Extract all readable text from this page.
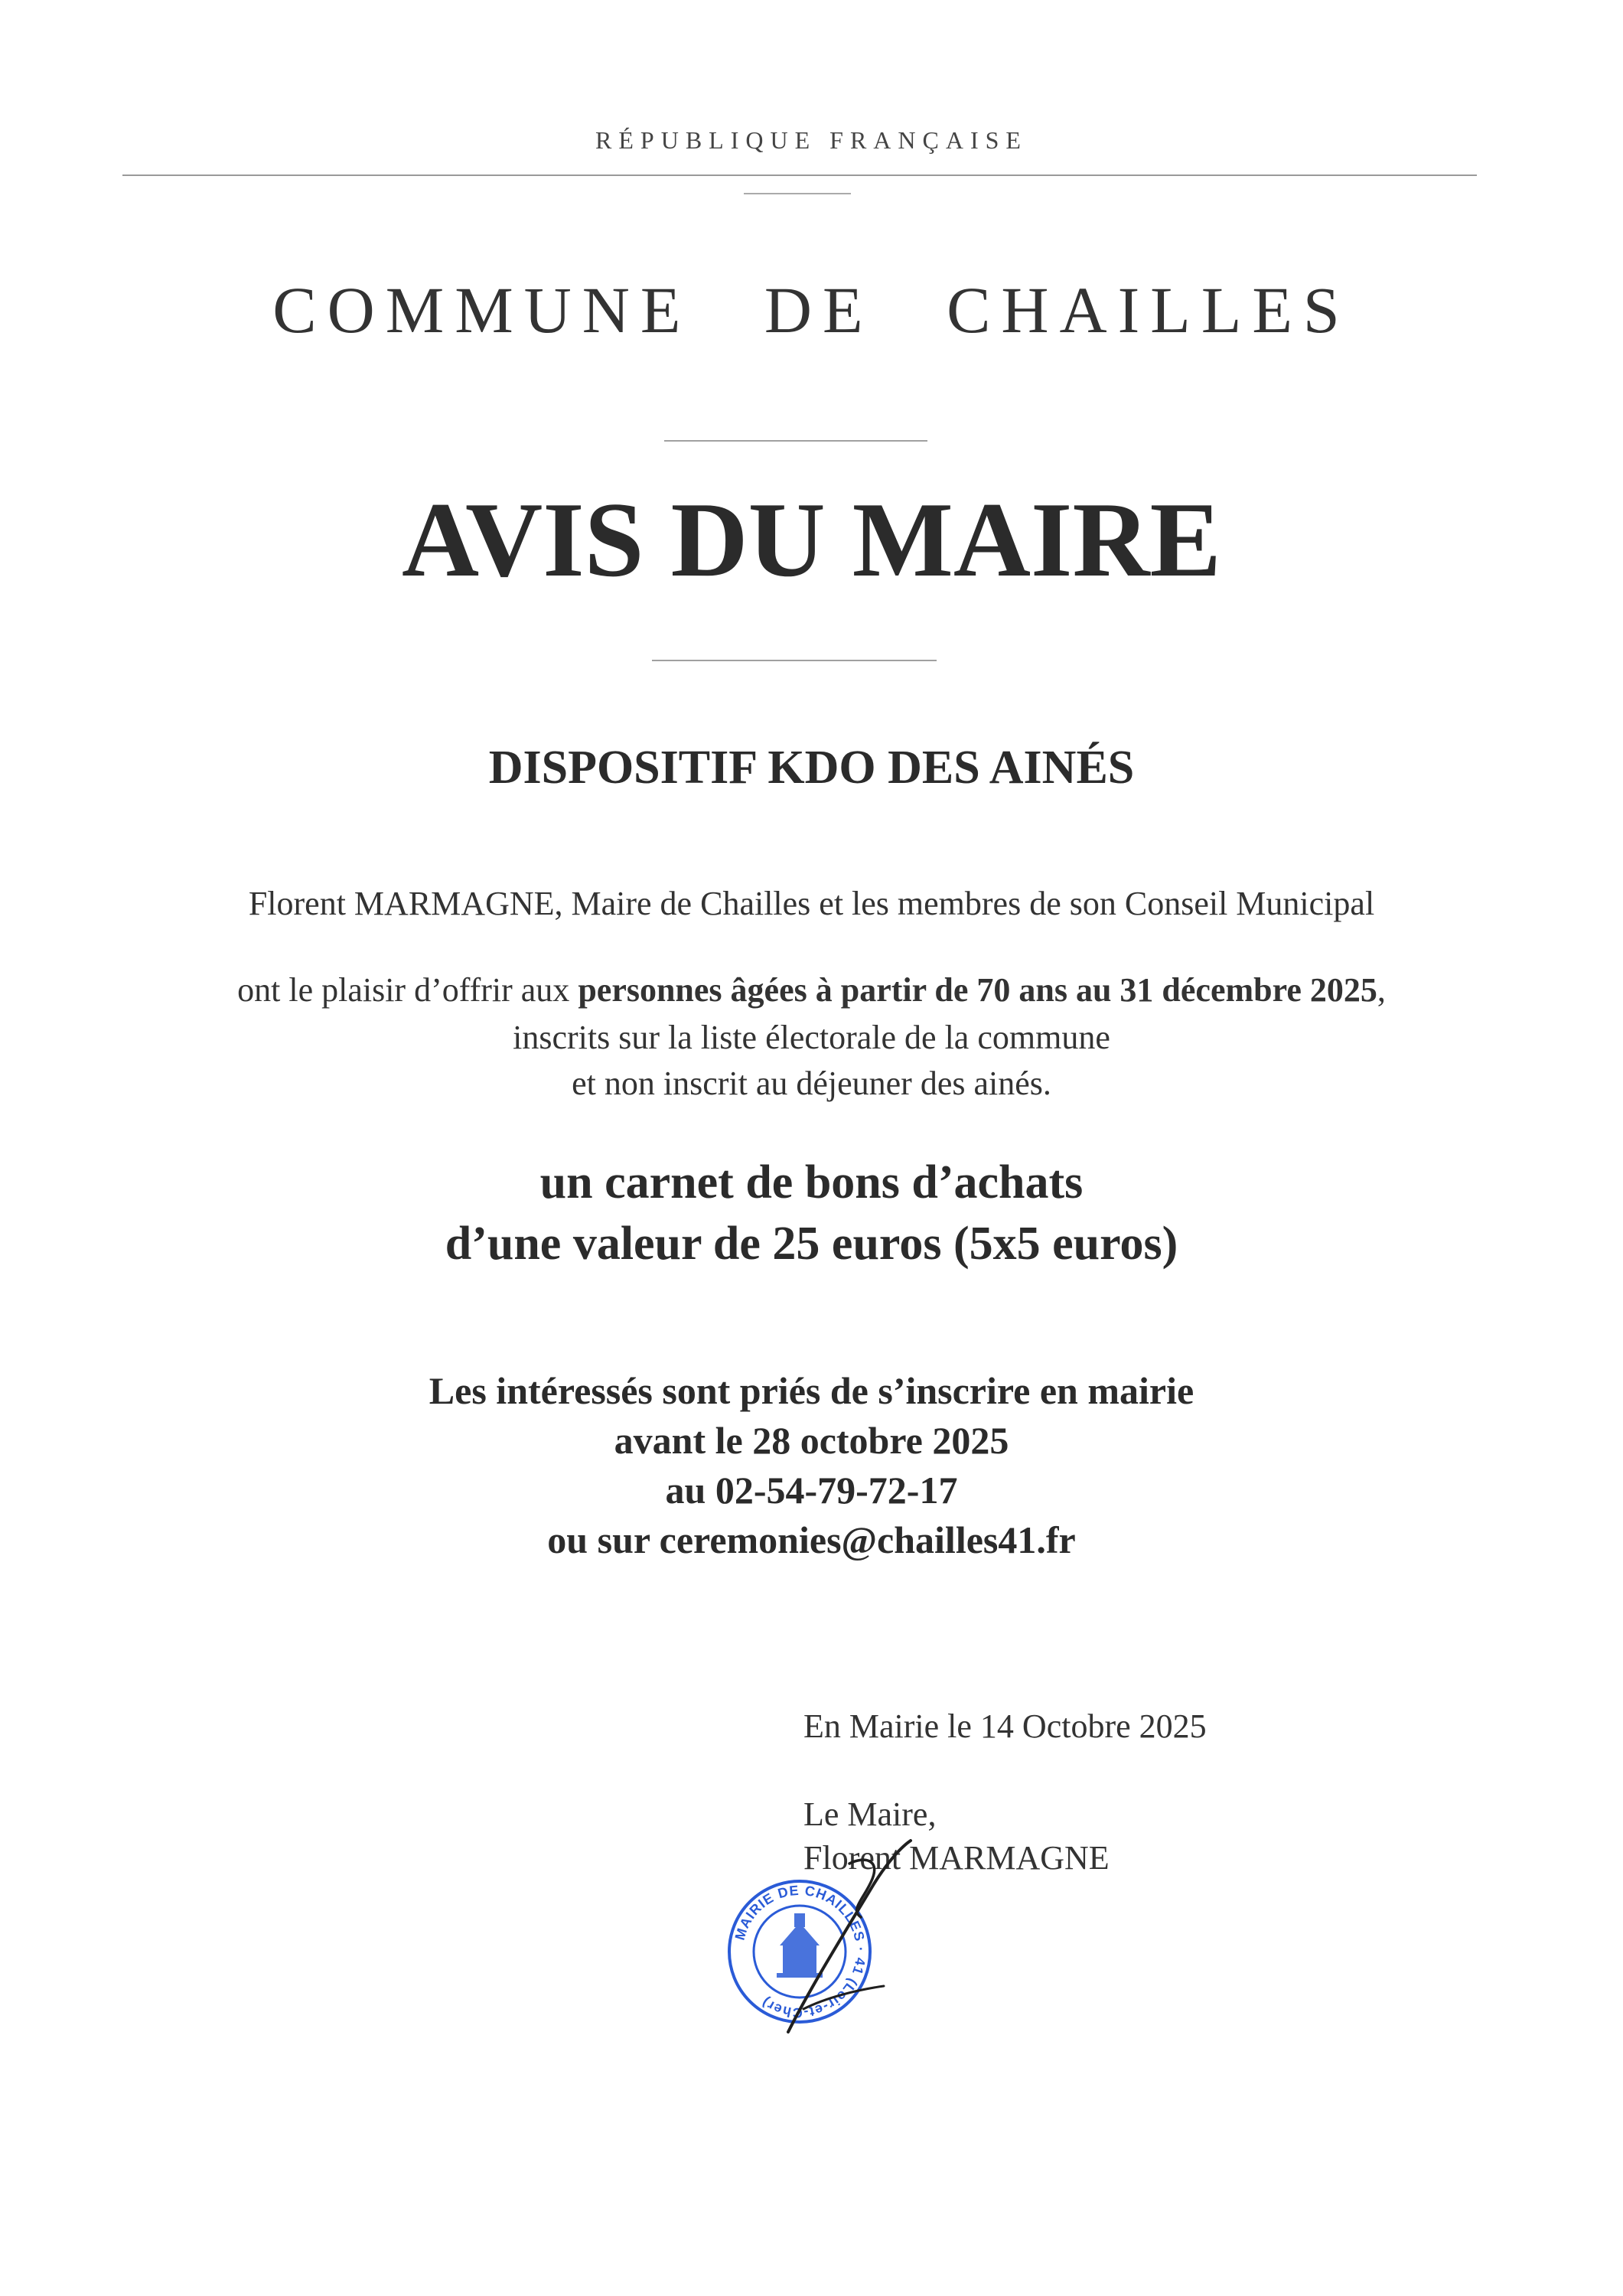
RÉPUBLIQUE FRANÇAISE
COMMUNE DE CHAILLES
AVIS DU MAIRE
DISPOSITIF KDO DES AINÉS
Florent MARMAGNE, Maire de Chailles et les membres de son Conseil Municipal
ont le plaisir d’offrir aux personnes âgées à partir de 70 ans au 31 décembre 2025,
inscrits sur la liste électorale de la commune
et non inscrit au déjeuner des ainés.
un carnet de bons d’achats
d’une valeur de 25 euros (5x5 euros)
Les intéressés sont priés de s’inscrire en mairie
avant le 28 octobre 2025
au 02-54-79-72-17
ou sur ceremonies@chailles41.fr
En Mairie le 14 Octobre 2025
Le Maire,
Florent MARMAGNE
MAIRIE DE CHAILLES · 41 (Loir-et-Cher)
